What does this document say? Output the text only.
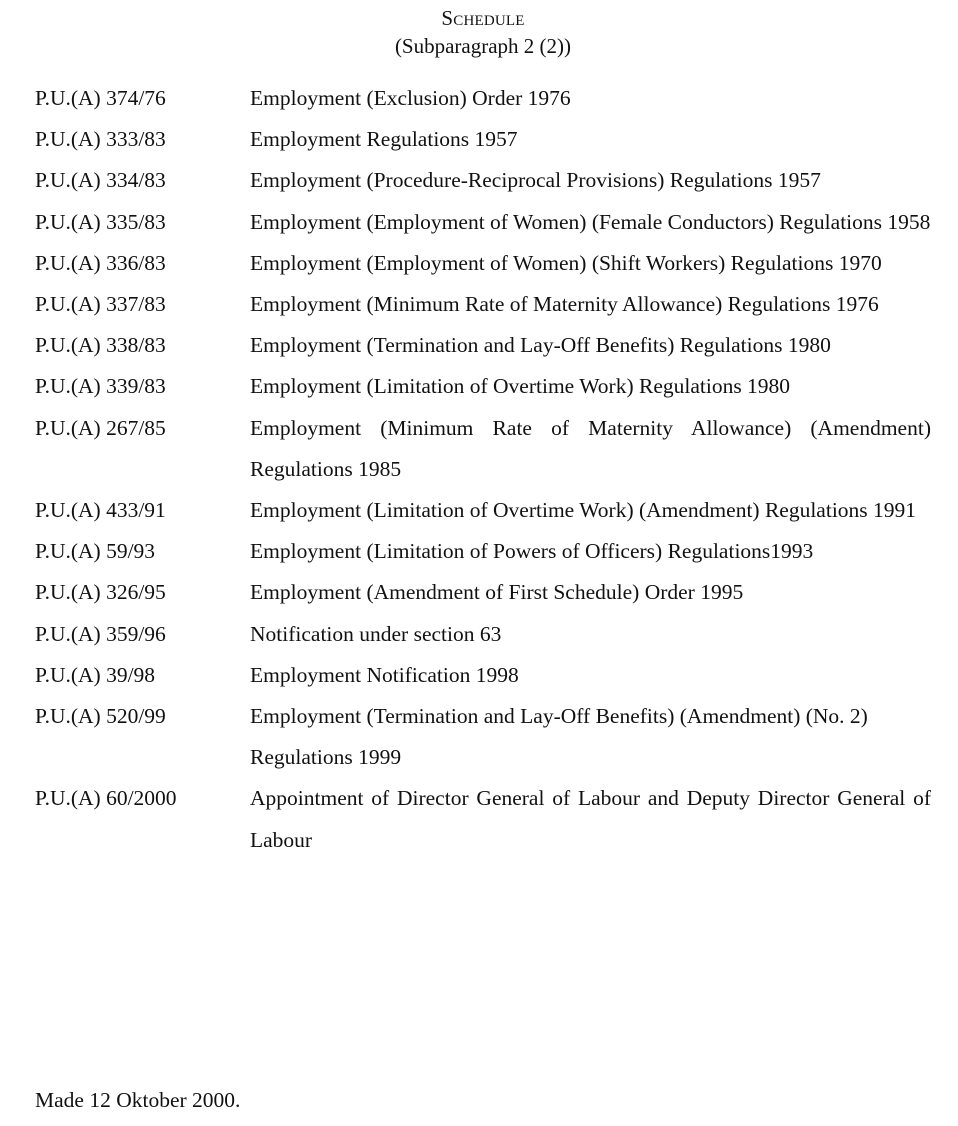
Schedule
(Subparagraph 2 (2))
P.U.(A) 374/76	Employment (Exclusion) Order 1976
P.U.(A) 333/83	Employment Regulations 1957
P.U.(A) 334/83	Employment (Procedure-Reciprocal Provisions) Regulations 1957
P.U.(A) 335/83	Employment (Employment of Women) (Female Conductors) Regulations 1958
P.U.(A) 336/83	Employment (Employment of Women) (Shift Workers) Regulations 1970
P.U.(A) 337/83	Employment (Minimum Rate of Maternity Allowance) Regulations 1976
P.U.(A) 338/83	Employment (Termination and Lay-Off Benefits) Regulations 1980
P.U.(A) 339/83	Employment (Limitation of Overtime Work) Regulations 1980
P.U.(A) 267/85	Employment (Minimum Rate of Maternity Allowance) (Amendment) Regulations 1985
P.U.(A) 433/91	Employment (Limitation of Overtime Work) (Amendment) Regulations 1991
P.U.(A) 59/93	Employment (Limitation of Powers of Officers) Regulations1993
P.U.(A) 326/95	Employment (Amendment of First Schedule) Order 1995
P.U.(A) 359/96	Notification under section 63
P.U.(A) 39/98	Employment Notification 1998
P.U.(A) 520/99	Employment (Termination and Lay-Off Benefits) (Amendment) (No. 2) Regulations 1999
P.U.(A) 60/2000	Appointment of Director General of Labour and Deputy Director General of Labour
Made 12 Oktober 2000.
